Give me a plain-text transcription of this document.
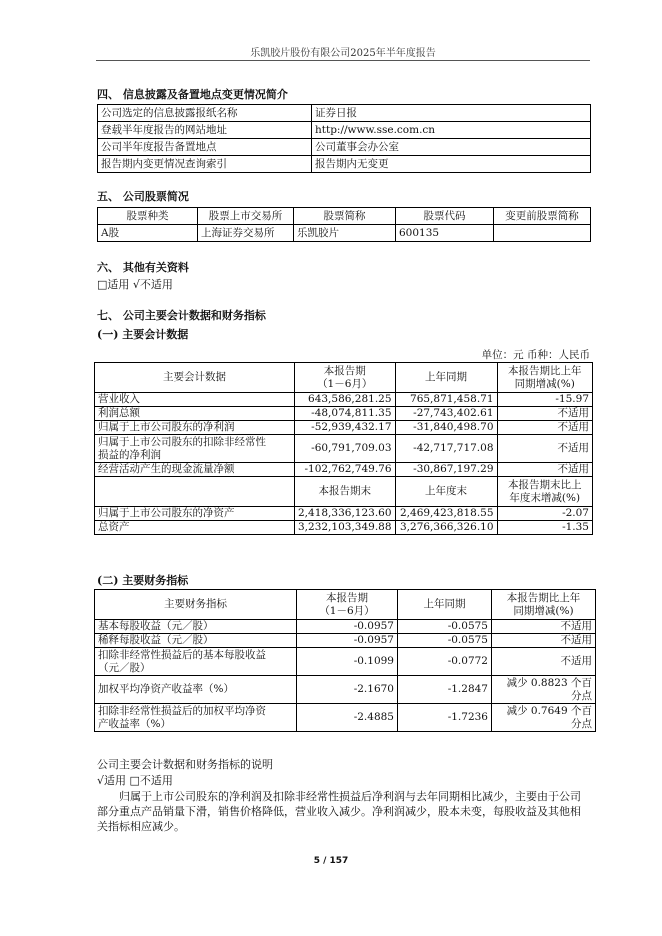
乐凯胶片股份有限公司2025年半年度报告
四、 信息披露及备置地点变更情况简介
公司选定的信息披露报纸名称	证券日报
登载半年度报告的网站地址	http://www.sse.com.cn
公司半年度报告备置地点	公司董事会办公室
报告期内变更情况查询索引	报告期内无变更
五、 公司股票简况
股票种类	股票上市交易所	股票简称	股票代码	变更前股票简称
A股	上海证券交易所	乐凯胶片	600135	
六、 其他有关资料
□适用 √不适用
七、 公司主要会计数据和财务指标
(一) 主要会计数据
单位：元 币种：人民币
主要会计数据	本报告期
（1－6月）	上年同期	本报告期比上年
同期增减(%)
营业收入	643,586,281.25	765,871,458.71	-15.97
利润总额	-48,074,811.35	-27,743,402.61	不适用
归属于上市公司股东的净利润	-52,939,432.17	-31,840,498.70	不适用
归属于上市公司股东的扣除非经常性
损益的净利润	-60,791,709.03	-42,717,717.08	不适用
经营活动产生的现金流量净额	-102,762,749.76	-30,867,197.29	不适用
	本报告期末	上年度末	本报告期末比上
年度末增减(%)
归属于上市公司股东的净资产	2,418,336,123.60	2,469,423,818.55	-2.07
总资产	3,232,103,349.88	3,276,366,326.10	-1.35
(二) 主要财务指标
主要财务指标	本报告期
（1－6月）	上年同期	本报告期比上年
同期增减(%)
基本每股收益（元／股）	-0.0957	-0.0575	不适用
稀释每股收益（元／股）	-0.0957	-0.0575	不适用
扣除非经常性损益后的基本每股收益
（元／股）	-0.1099	-0.0772	不适用
加权平均净资产收益率（%）	-2.1670	-1.2847	减少 0.8823 个百
分点
扣除非经常性损益后的加权平均净资
产收益率（%）	-2.4885	-1.7236	减少 0.7649 个百
分点
公司主要会计数据和财务指标的说明
√适用 □不适用
归属于上市公司股东的净利润及扣除非经常性损益后净利润与去年同期相比减少，主要由于公司部分重点产品销量下滑，销售价格降低，营业收入减少。净利润减少，股本未变，每股收益及其他相关指标相应减少。
5 / 157
